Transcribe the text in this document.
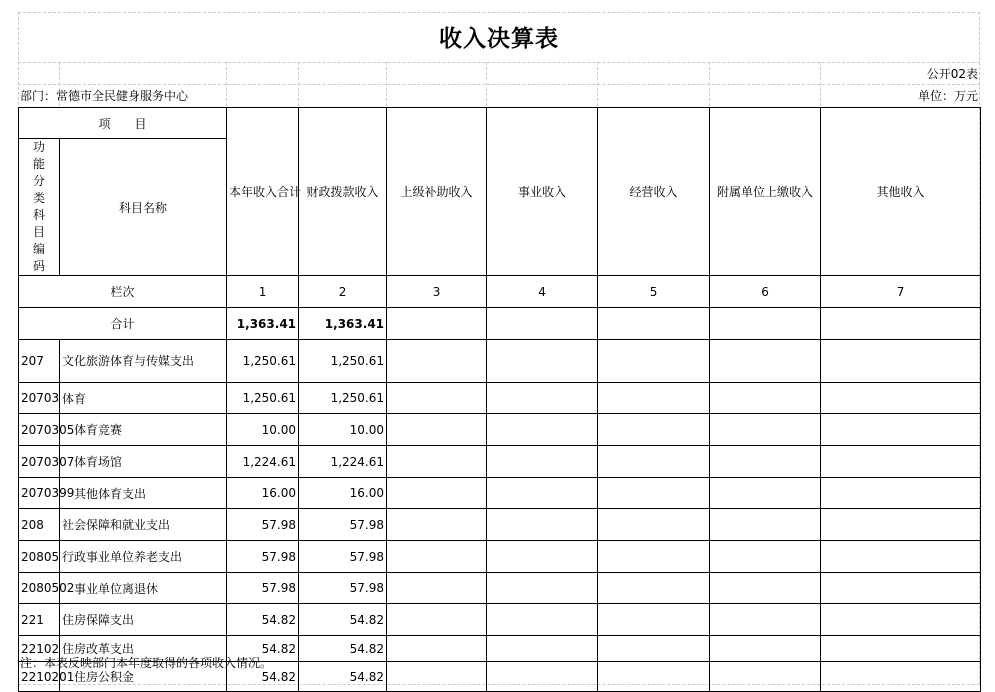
收入决算表
公开02表
部门：常德市全民健身服务中心	单位：万元
项　　目		本年收入合计	财政拨款收入	上级补助收入	事业收入	经营收入	附属单位上缴收入	其他收入

功能分类科目编码	科目名称							
栏次		1	2	3	4	5	6	7
合计		1,363.41	1,363.41					
207	文化旅游体育与传媒支出	1,250.61	1,250.61					
20703	体育	1,250.61	1,250.61					
2070305	体育竞赛	10.00	10.00					
2070307	体育场馆	1,224.61	1,224.61					
2070399	其他体育支出	16.00	16.00					
208	社会保障和就业支出	57.98	57.98					
20805	行政事业单位养老支出	57.98	57.98					
2080502	事业单位离退休	57.98	57.98					
221	住房保障支出	54.82	54.82					
22102	住房改革支出	54.82	54.82					
2210201	住房公积金	54.82	54.82					
注：本表反映部门本年度取得的各项收入情况。
